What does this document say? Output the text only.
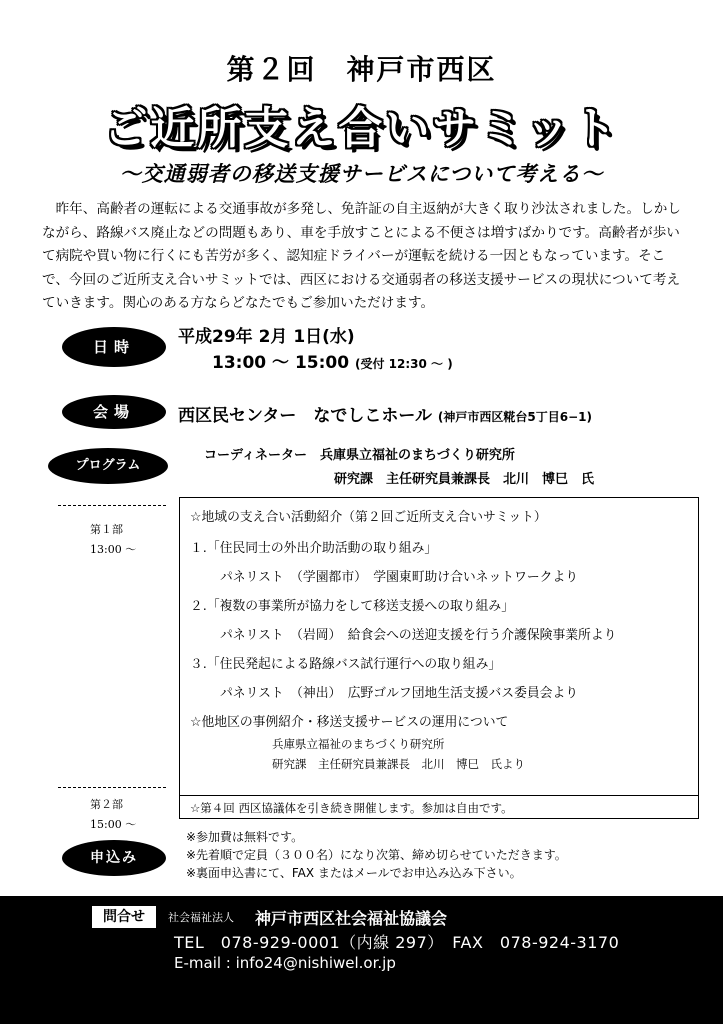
第２回　神戸市西区
ご近所支え合いサミット
～交通弱者の移送支援サービスについて考える～
昨年、高齢者の運転による交通事故が多発し、免許証の自主返納が大きく取り沙汰されました。しかしながら、路線バス廃止などの問題もあり、車を手放すことによる不便さは増すばかりです。高齢者が歩いて病院や買い物に行くにも苦労が多く、認知症ドライバーが運転を続ける一因ともなっています。そこで、今回のご近所支え合いサミットでは、西区における交通弱者の移送支援サービスの現状について考えていきます。関心のある方ならどなたでもご参加いただけます。
日時	平成29年 2月 1日(水)
13:00 ～ 15:00 (受付 12:30 ～ )
会場	西区民センター　なでしこホール (神戸市西区糀台5丁目6−1)
プログラム
コーディネーター　兵庫県立福祉のまちづくり研究所
研究課　主任研究員兼課長　北川　博巳　氏
第１部
13:00 ～
第２部
15:00 ～
☆地域の支え合い活動紹介（第２回ご近所支え合いサミット）
１.「住民同士の外出介助活動の取り組み」
パネリスト　（学園都市）　学園東町助け合いネットワークより
２.「複数の事業所が協力をして移送支援への取り組み」
パネリスト　（岩岡）　給食会への送迎支援を行う介護保険事業所より
３.「住民発起による路線バス試行運行への取り組み」
パネリスト　（神出）　広野ゴルフ団地生活支援バス委員会より
☆他地区の事例紹介・移送支援サービスの運用について
兵庫県立福祉のまちづくり研究所
研究課　主任研究員兼課長　北川　博巳　氏より
☆第４回 西区協議体を引き続き開催します。参加は自由です。
申込み
※参加費は無料です。
※先着順で定員（３００名）になり次第、締め切らせていただきます。
※裏面申込書にて、FAX またはメールでお申込み込み下さい。
問合せ	社会福祉法人 神戸市西区社会福祉協議会
TEL　078-929-0001（内線 297）　FAX　078-924-3170
E-mail : info24@nishiwel.or.jp
